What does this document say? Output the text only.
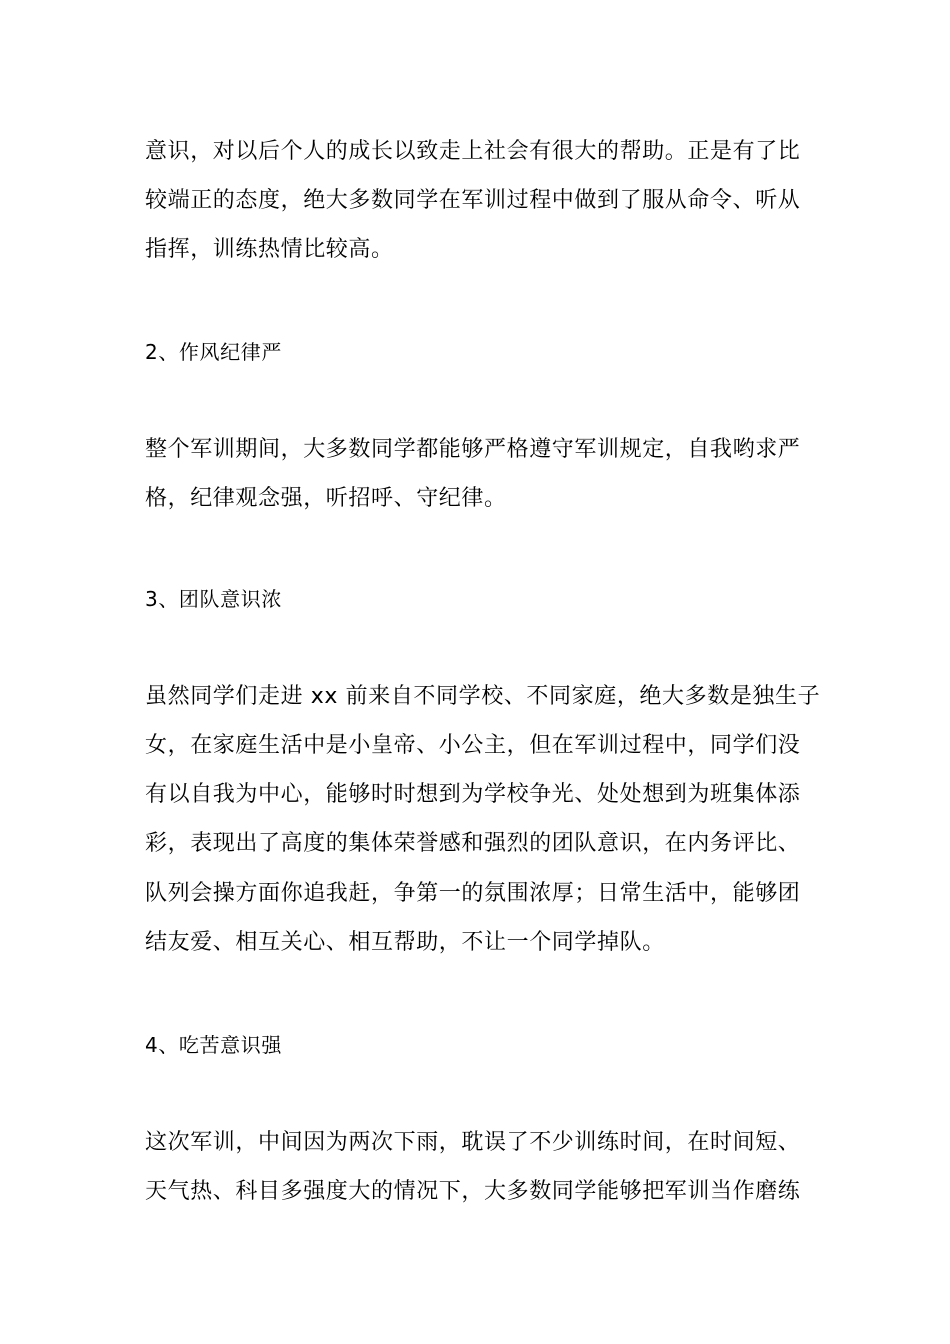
意识，对以后个人的成长以致走上社会有很大的帮助。正是有了比
较端正的态度，绝大多数同学在军训过程中做到了服从命令、听从
指挥，训练热情比较高。
2、作风纪律严
整个军训期间，大多数同学都能够严格遵守军训规定，自我哟求严
格，纪律观念强，听招呼、守纪律。
3、团队意识浓
虽然同学们走进 xx 前来自不同学校、不同家庭，绝大多数是独生子
女，在家庭生活中是小皇帝、小公主，但在军训过程中，同学们没
有以自我为中心，能够时时想到为学校争光、处处想到为班集体添
彩，表现出了高度的集体荣誉感和强烈的团队意识，在内务评比、
队列会操方面你追我赶，争第一的氛围浓厚；日常生活中，能够团
结友爱、相互关心、相互帮助，不让一个同学掉队。
4、吃苦意识强
这次军训，中间因为两次下雨，耽误了不少训练时间，在时间短、
天气热、科目多强度大的情况下，大多数同学能够把军训当作磨练
